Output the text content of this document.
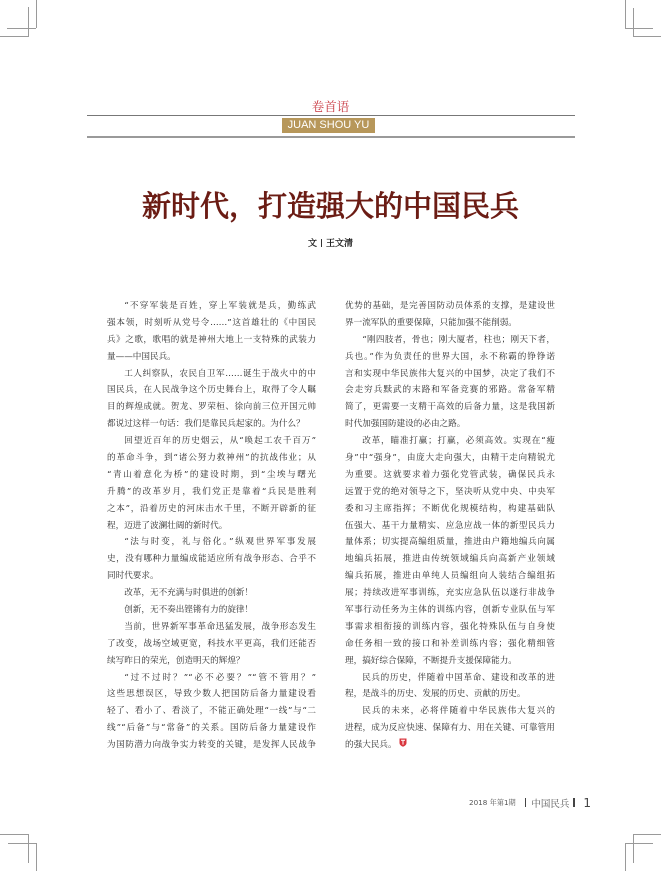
卷首语
JUAN SHOU YU
新时代，打造强大的中国民兵
文 王文清
“不穿军装是百姓，穿上军装就是兵，勤练武
强本领，时刻听从党号令……”这首雄壮的《中国民
兵》之歌，歌唱的就是神州大地上一支特殊的武装力
量——中国民兵。
工人纠察队，农民自卫军……诞生于战火中的中
国民兵，在人民战争这个历史舞台上，取得了令人瞩
目的辉煌成就。贺龙、罗荣桓、徐向前三位开国元帅
都说过这样一句话：我们是靠民兵起家的。为什么？
回望近百年的历史烟云，从“唤起工农千百万”
的革命斗争，到“诸公努力救神州”的抗战伟业；从
“青山着意化为桥”的建设时期，到“尘埃与曙光
升腾”的改革岁月，我们党正是靠着“兵民是胜利
之本”，沿着历史的河床击水千里，不断开辟新的征
程，迈进了波澜壮阔的新时代。
“法与时变，礼与俗化。”纵观世界军事发展
史，没有哪种力量编成能适应所有战争形态、合乎不
同时代要求。
改革，无不充满与时俱进的创新！
创新，无不奏出铿锵有力的旋律！
当前，世界新军事革命迅猛发展，战争形态发生
了改变，战场空域更宽，科技水平更高，我们还能否
续写昨日的荣光，创造明天的辉煌？
“过不过时？”“必不必要？”“管不管用？”
这些思想误区，导致少数人把国防后备力量建设看
轻了、看小了、看淡了，不能正确处理“一线”与“二
线”“后备”与“常备”的关系。国防后备力量建设作
为国防潜力向战争实力转变的关键，是发挥人民战争
优势的基础，是完善国防动员体系的支撑，是建设世
界一流军队的重要保障，只能加强不能削弱。
“刚四肢者，骨也；刚大厦者，柱也；刚天下者，
兵也。”作为负责任的世界大国，永不称霸的铮铮诺
言和实现中华民族伟大复兴的中国梦，决定了我们不
会走穷兵黩武的末路和军备竞赛的邪路。常备军精
简了，更需要一支精干高效的后备力量，这是我国新
时代加强国防建设的必由之路。
改革，瞄准打赢；打赢，必须高效。实现在“瘦
身”中“强身”，由庞大走向强大，由精干走向精锐尤
为重要。这就要求着力强化党管武装，确保民兵永
远置于党的绝对领导之下，坚决听从党中央、中央军
委和习主席指挥；不断优化规模结构，构建基础队
伍强大、基干力量精实、应急应战一体的新型民兵力
量体系；切实提高编组质量，推进由户籍地编兵向属
地编兵拓展，推进由传统领域编兵向高新产业领域
编兵拓展，推进由单纯人员编组向人装结合编组拓
展；持续改进军事训练，充实应急队伍以遂行非战争
军事行动任务为主体的训练内容，创新专业队伍与军
事需求相衔接的训练内容，强化特殊队伍与自身使
命任务相一致的接口和补差训练内容；强化精细管
理，搞好综合保障，不断提升支援保障能力。
民兵的历史，伴随着中国革命、建设和改革的进
程，是战斗的历史、发展的历史、贡献的历史。
民兵的未来，必将伴随着中华民族伟大复兴的
进程，成为反应快速、保障有力、用在关键、可靠管用
的强大民兵。
2018 年第1期 中国民兵 1
